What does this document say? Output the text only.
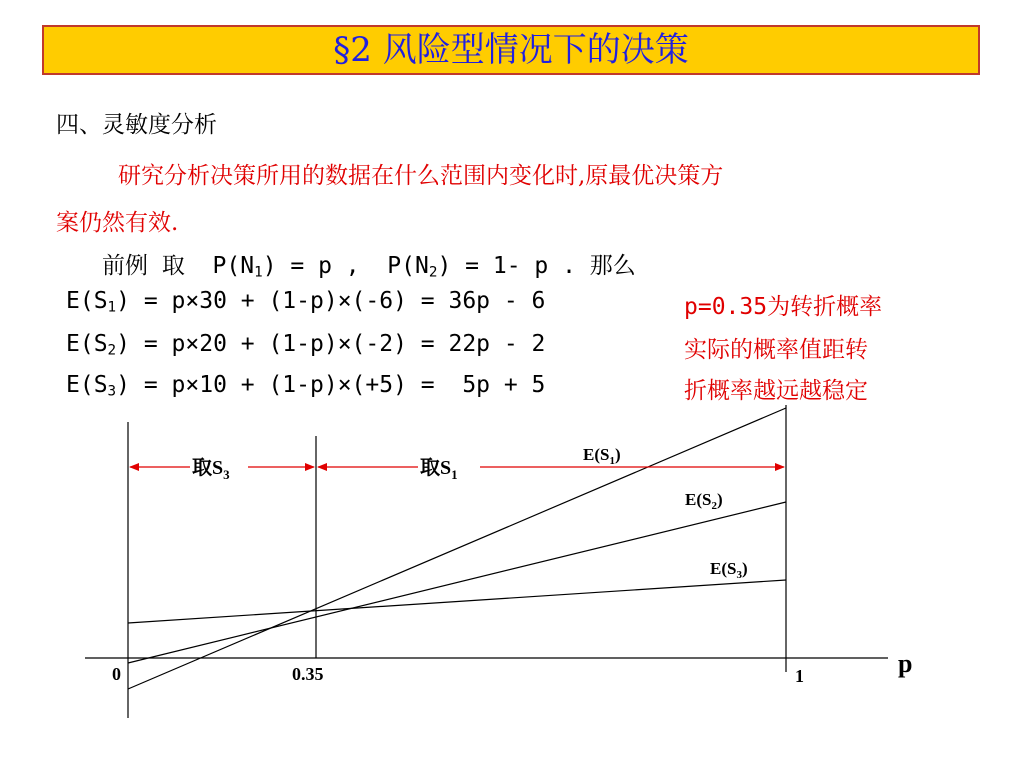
§2 风险型情况下的决策
四、灵敏度分析
研究分析决策所用的数据在什么范围内变化时,原最优决策方
案仍然有效.
前例 取  $P(N_1) = p$ ,  $P(N_2) = 1-$ p . 那么
$E(S_1) = p\times 30 + (1-p)\times(-6) = 36p - 6$
$E(S_2) = p\times 20 + (1-p)\times(-2) = 22p - 2$
$E(S_3) = p\times 10 + (1-p)\times(+5) = 5p + 5$
p=0.35为转折概率
实际的概率值距转
折概率越远越稳定
取$S_3$	取$S_1$
$E(S_1)$
$E(S_2)$
$E(S_3)$
0	0.35	1	p
